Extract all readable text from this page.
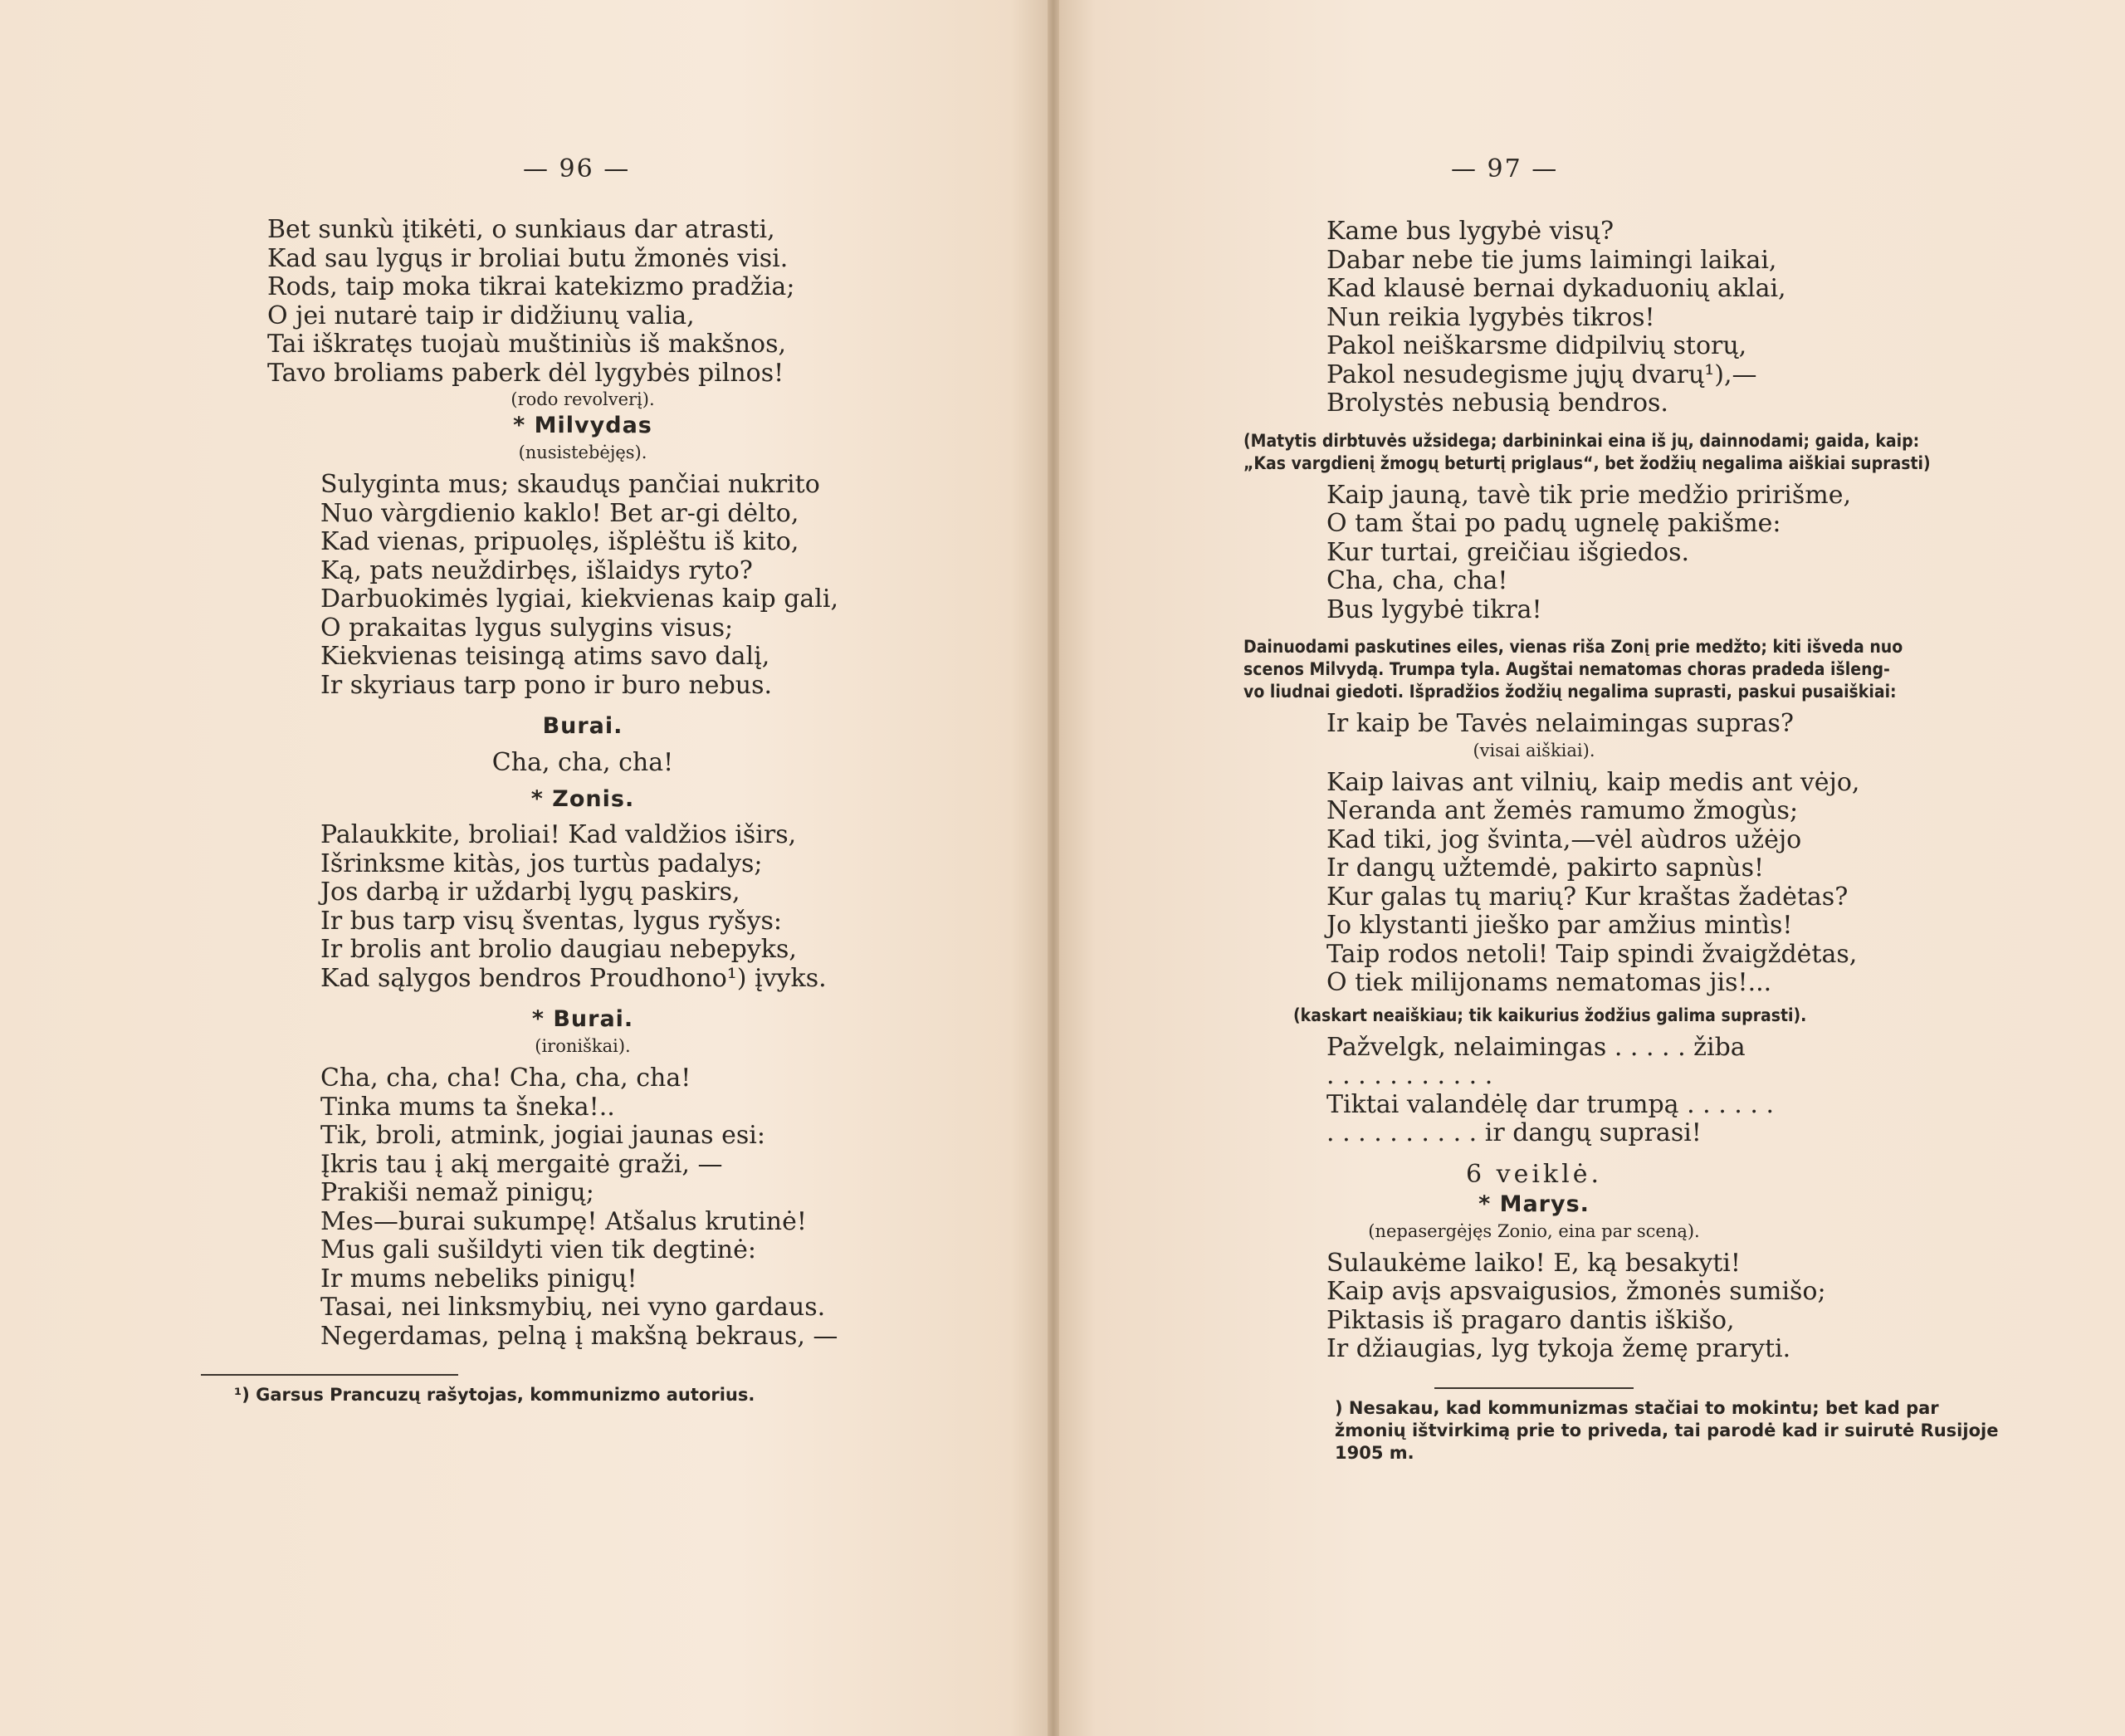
— 96 —
Bet sunkù įtikėti, o sunkiaus dar atrasti,
Kad sau lygųs ir broliai butu žmonės visi.
Rods, taip moka tikrai katekizmo pradžia;
O jei nutarė taip ir didžiunų valia,
Tai iškratęs tuojaù muštiniùs iš makšnos,
Tavo broliams paberk dėl lygybės pilnos!
(rodo revolverį).
* Milvydas
(nusistebėjęs).
Sulyginta mus; skaudųs pančiai nukrito
Nuo vàrgdienio kaklo! Bet ar-gi dėlto,
Kad vienas, pripuolęs, išplėštu iš kito,
Ką, pats neuždirbęs, išlaidys ryto?
Darbuokimės lygiai, kiekvienas kaip gali,
O prakaitas lygus sulygins visus;
Kiekvienas teisingą atims savo dalį,
Ir skyriaus tarp pono ir buro nebus.
Burai.
Cha, cha, cha!
* Zonis.
Palaukkite, broliai! Kad valdžios iširs,
Išrinksme kitàs, jos turtùs padalys;
Jos darbą ir uždarbį lygų paskirs,
Ir bus tarp visų šventas, lygus ryšys:
Ir brolis ant brolio daugiau nebepyks,
Kad sąlygos bendros Proudhono¹) įvyks.
* Burai.
(ironiškai).
Cha, cha, cha! Cha, cha, cha!
Tinka mums ta šneka!..
Tik, broli, atmink, jogiai jaunas esi:
Įkris tau į akį mergaitė graži, —
Prakiši nemaž pinigų;
Mes—burai sukumpę! Atšalus krutinė!
Mus gali sušildyti vien tik degtinė:
Ir mums nebeliks pinigų!
Tasai, nei linksmybių, nei vyno gardaus.
Negerdamas, pelną į makšną bekraus, —
¹) Garsus Prancuzų rašytojas, kommunizmo autorius.
— 97 —
Kame bus lygybė visų?
Dabar nebe tie jums laimingi laikai,
Kad klausė bernai dykaduonių aklai,
Nun reikia lygybės tikros!
Pakol neiškarsme didpilvių storų,
Pakol nesudegisme jųjų dvarų¹),—
Brolystės nebusią bendros.
(Matytis dirbtuvės užsidega; darbininkai eina iš jų, dainnodami; gaida, kaip:
„Kas vargdienį žmogų beturtį priglaus“, bet žodžių negalima aiškiai suprasti)
Kaip jauną, tavè tik prie medžio pririšme,
O tam štai po padų ugnelę pakišme:
Kur turtai, greičiau išgiedos.
Cha, cha, cha!
Bus lygybė tikra!
Dainuodami paskutines eiles, vienas riša Zonį prie medžto; kiti išveda nuo
scenos Milvydą. Trumpa tyla. Augštai nematomas choras pradeda išleng-
vo liudnai giedoti. Išpradžios žodžių negalima suprasti, paskui pusaiškiai:
Ir kaip be Tavės nelaimingas supras?
(visai aiškiai).
Kaip laivas ant vilnių, kaip medis ant vėjo,
Neranda ant žemės ramumo žmogùs;
Kad tiki, jog švinta,—vėl aùdros užėjo
Ir dangų užtemdė, pakirto sapnùs!
Kur galas tų marių? Kur kraštas žadėtas?
Jo klystanti jieško par amžius mintìs!
Taip rodos netoli! Taip spindi žvaigždėtas,
O tiek milijonams nematomas jis!...
(kaskart neaiškiau; tik kaikurius žodžius galima suprasti).
Pažvelgk, nelaimingas . . . . . žiba
. . . . . . . . . . .
Tiktai valandėlę dar trumpą . . . . . .
. . . . . . . . . . ir dangų suprasi!
6 veiklė.
* Marys.
(nepasergėjęs Zonio, eina par sceną).
Sulaukėme laiko! E, ką besakyti!
Kaip avįs apsvaigusios, žmonės sumišo;
Piktasis iš pragaro dantis iškišo,
Ir džiaugias, lyg tykoja žemę praryti.
) Nesakau, kad kommunizmas stačiai to mokintu; bet kad par
žmonių ištvirkimą prie to priveda, tai parodė kad ir suirutė Rusijoje
1905 m.
